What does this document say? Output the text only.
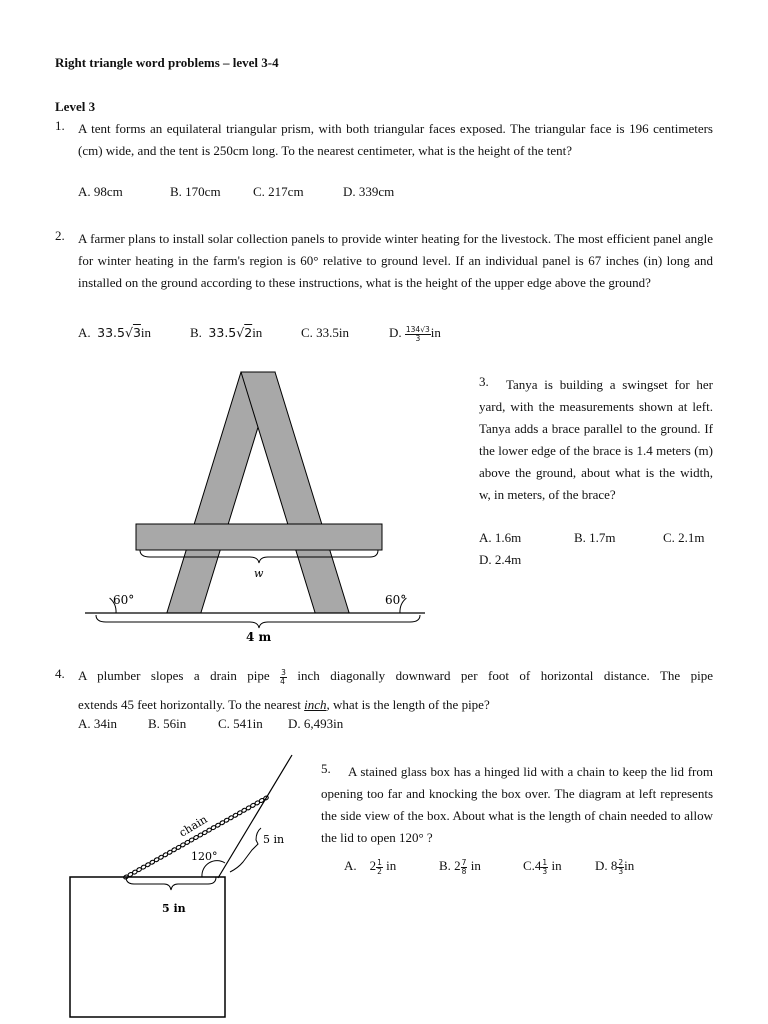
Right triangle word problems – level 3-4
Level 3
1. A tent forms an equilateral triangular prism, with both triangular faces exposed. The triangular face is 196 centimeters (cm) wide, and the tent is 250cm long. To the nearest centimeter, what is the height of the tent?
A. 98cm	B. 170cm C. 217cm	D. 339cm
2. A farmer plans to install solar collection panels to provide winter heating for the livestock. The most efficient panel angle for winter heating in the farm's region is 60° relative to ground level. If an individual panel is 67 inches (in) long and installed on the ground according to these instructions, what is the height of the upper edge above the ground?
A. 33.5√3in	B. 33.5√2in	C. 33.5in	D. $\frac{134√3}{3}$ in
60°	60°
w
4 m
3.	Tanya is building a swingset for her yard, with the measurements shown at left. Tanya adds a brace parallel to the ground. If the lower edge of the brace is 1.4 meters (m) above the ground, about what is the width, w, in meters, of the brace?
A. 1.6m	B. 1.7m	C. 2.1m
D. 2.4m
4. A plumber slopes a drain pipe $\frac{3}{4}$ inch diagonally downward per foot of horizontal distance. The pipe
extends 45 feet horizontally. To the nearest inch, what is the length of the pipe?
A. 34in B. 56in C. 541in D. 6,493in
5 in
120°
chain
5 in
5.	A stained glass box has a hinged lid with a chain to keep the lid from opening too far and knocking the box over. The diagram at left represents the side view of the box. About what is the length of chain needed to allow the lid to open 120° ?
A. $2 \frac{1}{2}$ in	B. $2 \frac{7}{8}$ in	$C.4 \frac{1}{3}$ in	D. $8 \frac{2}{3}$ in
